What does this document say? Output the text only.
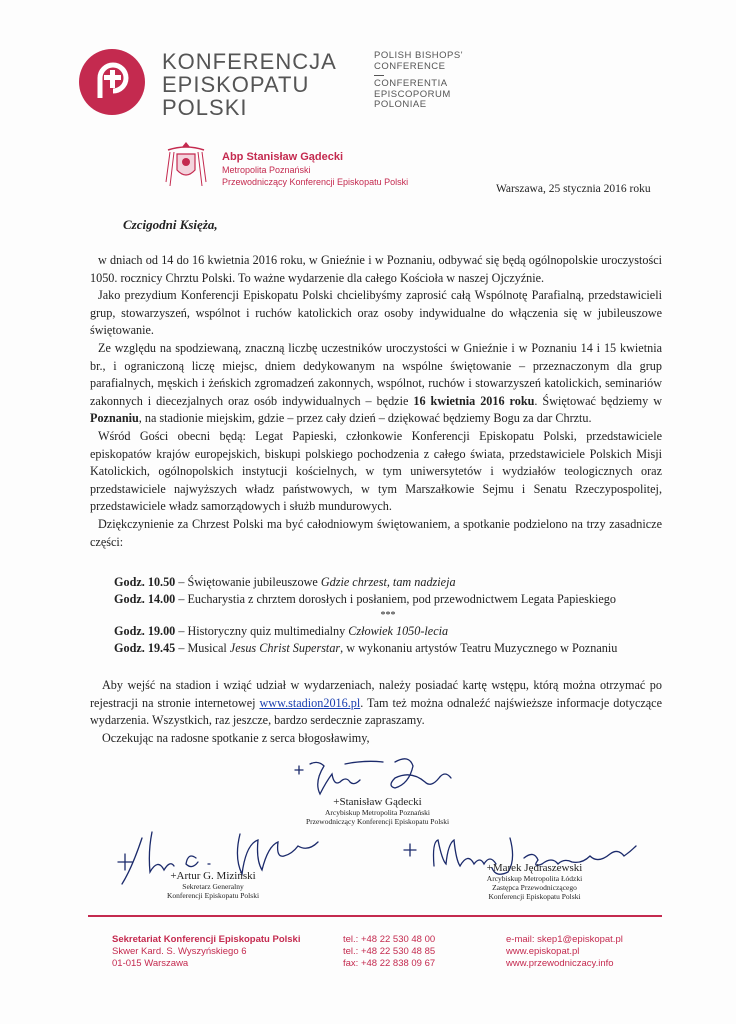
KONFERENCJA
EPISKOPATU
POLSKI
POLISH BISHOPS'
CONFERENCE
CONFERENTIA
EPISCOPORUM
POLONIAE
Abp Stanisław Gądecki
Metropolita Poznański
Przewodniczący Konferencji Episkopatu Polski
Warszawa, 25 stycznia 2016 roku
Czcigodni Księża,

w dniach od 14 do 16 kwietnia 2016 roku, w Gnieźnie i w Poznaniu, odbywać się będą ogólnopolskie uroczystości 1050. rocznicy Chrztu Polski. To ważne wydarzenie dla całego Kościoła w naszej Ojczyźnie.

Jako prezydium Konferencji Episkopatu Polski chcielibyśmy zaprosić całą Wspólnotę Parafialną, przedstawicieli grup, stowarzyszeń, wspólnot i ruchów katolickich oraz osoby indywidualne do włączenia się w jubileuszowe świętowanie.

Ze względu na spodziewaną, znaczną liczbę uczestników uroczystości w Gnieźnie i w Poznaniu 14 i 15 kwietnia br., i ograniczoną liczę miejsc, dniem dedykowanym na wspólne świętowanie – przeznaczonym dla grup parafialnych, męskich i żeńskich zgromadzeń zakonnych, wspólnot, ruchów i stowarzyszeń katolickich, seminariów zakonnych i diecezjalnych oraz osób indywidualnych – będzie 16 kwietnia 2016 roku. Świętować będziemy w Poznaniu, na stadionie miejskim, gdzie – przez cały dzień – dziękować będziemy Bogu za dar Chrztu.

Wśród Gości obecni będą: Legat Papieski, członkowie Konferencji Episkopatu Polski, przedstawiciele episkopatów krajów europejskich, biskupi polskiego pochodzenia z całego świata, przedstawiciele Polskich Misji Katolickich, ogólnopolskich instytucji kościelnych, w tym uniwersytetów i wydziałów teologicznych oraz przedstawiciele najwyższych władz państwowych, w tym Marszałkowie Sejmu i Senatu Rzeczypospolitej, przedstawiciele władz samorządowych i służb mundurowych.

Dziękczynienie za Chrzest Polski ma być całodniowym świętowaniem, a spotkanie podzielono na trzy zasadnicze części:

Godz. 10.50 – Świętowanie jubileuszowe Gdzie chrzest, tam nadzieja
Godz. 14.00 – Eucharystia z chrztem dorosłych i posłaniem, pod przewodnictwem Legata Papieskiego
***
Godz. 19.00 – Historyczny quiz multimedialny Człowiek 1050-lecia
Godz. 19.45 – Musical Jesus Christ Superstar, w wykonaniu artystów Teatru Muzycznego w Poznaniu

Aby wejść na stadion i wziąć udział w wydarzeniach, należy posiadać kartę wstępu, którą można otrzymać po rejestracji na stronie internetowej www.stadion2016.pl. Tam też można odnaleźć najświeższe informacje dotyczące wydarzenia. Wszystkich, raz jeszcze, bardzo serdecznie zapraszamy.

Oczekując na radosne spotkanie z serca błogosławimy,

+Stanisław Gądecki
Arcybiskup Metropolita Poznański
Przewodniczący Konferencji Episkopatu Polski
+Artur G. Miziński
Sekretarz Generalny
Konferencji Episkopatu Polski
+Marek Jędraszewski
Arcybiskup Metropolita Łódzki
Zastępca Przewodniczącego
Konferencji Episkopatu Polski
Sekretariat Konferencji Episkopatu Polski
Skwer Kard. S. Wyszyńskiego 6
01-015 Warszawa
tel.: +48 22 530 48 00
tel.: +48 22 530 48 85
fax: +48 22 838 09 67
e-mail: skep1@episkopat.pl
www.episkopat.pl
www.przewodniczacy.info
